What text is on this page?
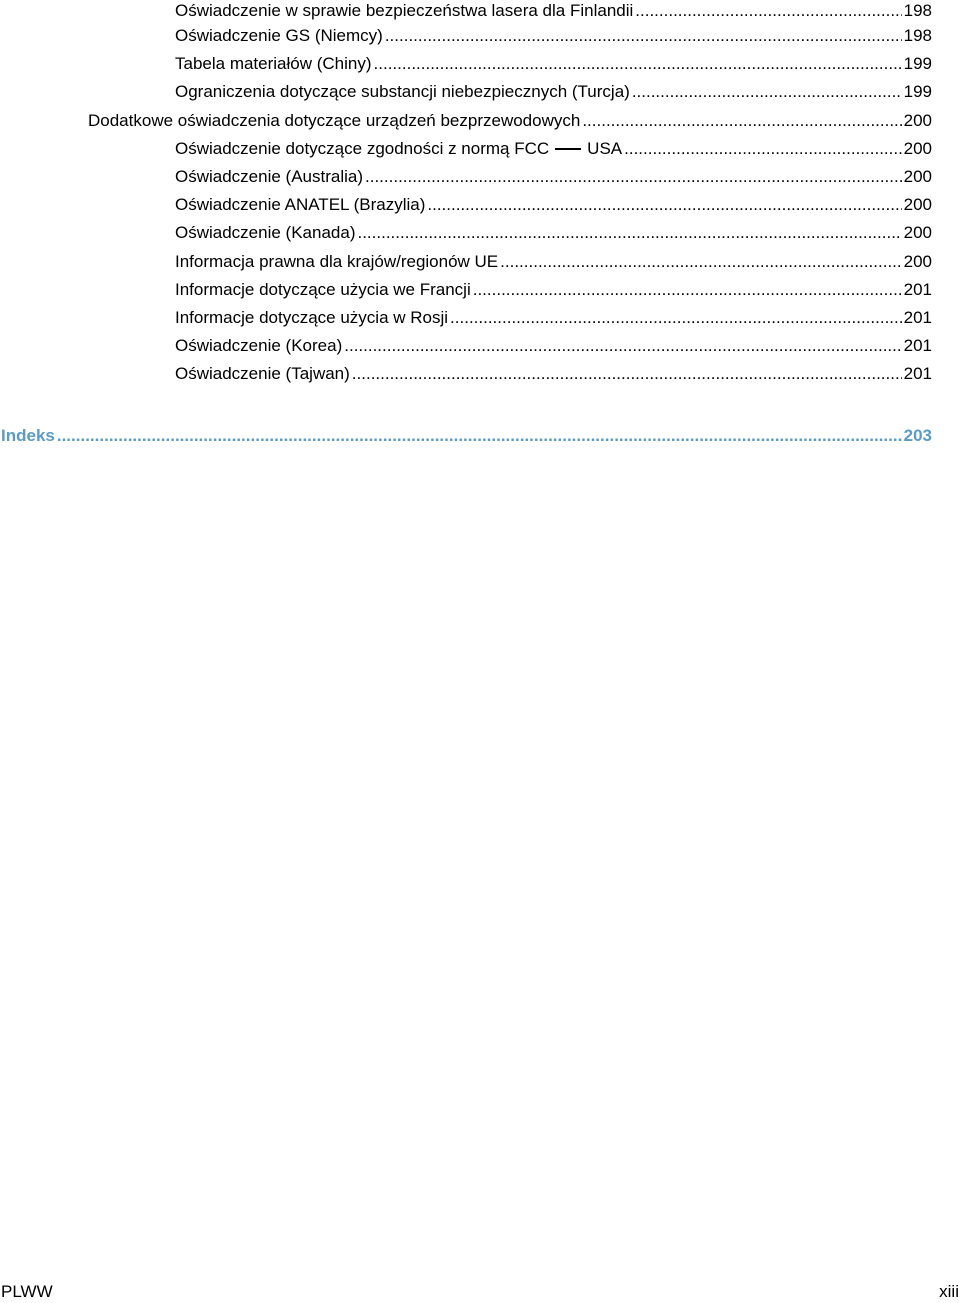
Oświadczenie w sprawie bezpieczeństwa lasera dla Finlandii .....	198
Oświadczenie GS (Niemcy) .....	198
Tabela materiałów (Chiny) .....	199
Ograniczenia dotyczące substancji niebezpiecznych (Turcja) .....	199
Dodatkowe oświadczenia dotyczące urządzeń bezprzewodowych .....	200
Oświadczenie dotyczące zgodności z normą FCC USA .....	200
Oświadczenie (Australia) .....	200
Oświadczenie ANATEL (Brazylia) .....	200
Oświadczenie (Kanada) .....	200
Informacja prawna dla krajów/regionów UE .....	200
Informacje dotyczące użycia we Francji .....	201
Informacje dotyczące użycia w Rosji .....	201
Oświadczenie (Korea) .....	201
Oświadczenie (Tajwan) .....	201
Indeks .....	203
PLWW	xiii
